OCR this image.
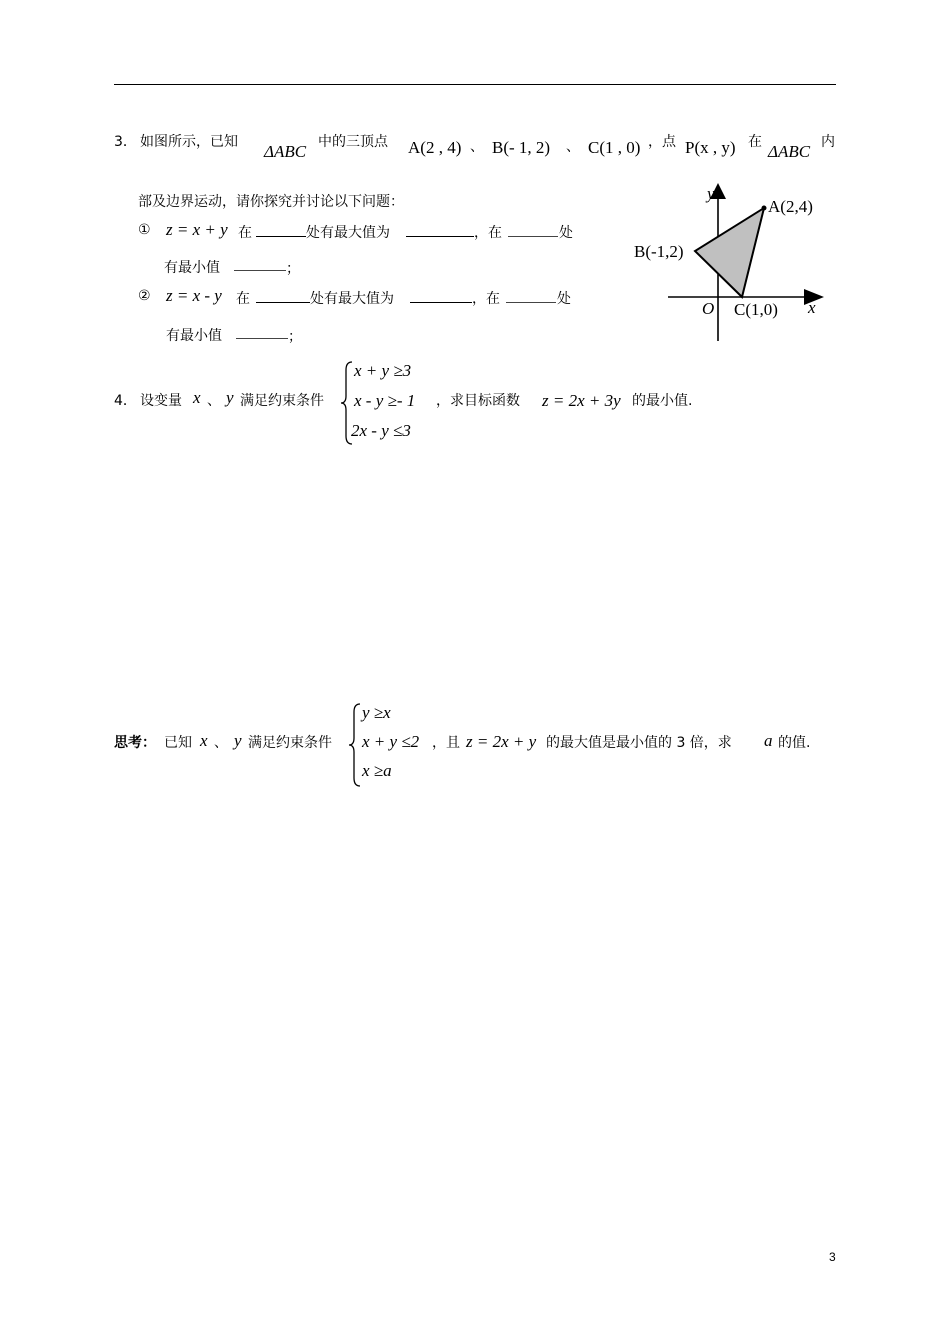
3． 如图所示，已知 ΔABC 中的三顶点 A(2 , 4) 、 B(- 1, 2) 、 C(1 , 0) ，点 P(x , y) 在 ΔABC 内
部及边界运动，请你探究并讨论以下问题：
① z = x + y 在	处有最大值为	，在	处
有最小值	；
② z = x - y 在	处有最大值为	，在	处
有最小值	；
y
x
O
A(2,4)
B(-1,2)
C(1,0)
4． 设变量 x 、 y 满足约束条件
x + y ≥3
x - y ≥- 1
2x - y ≤3
，求目标函数 z = 2x + 3y 的最小值.
思考： 已知 x 、 y 满足约束条件
y ≥x
x + y ≤2
x ≥a
，且 z = 2x + y 的最大值是最小值的 3 倍，求 a 的值.
3
